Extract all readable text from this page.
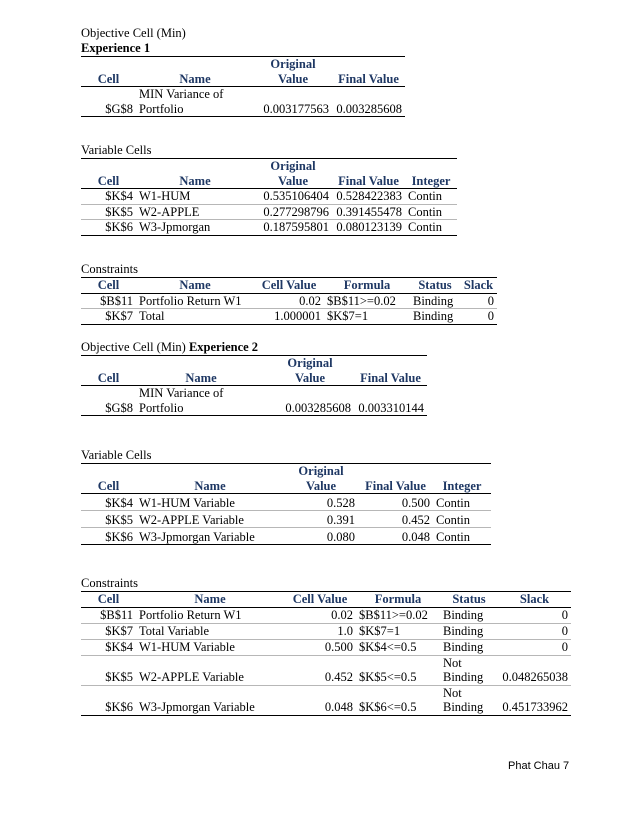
Objective Cell (Min)
Experience 1
Cell	Name	Original
Value	Final Value
$G$8	MIN Variance of
Portfolio	0.003177563	0.003285608
Variable Cells
Cell	Name	Original
Value	Final Value	Integer
$K$4	W1-HUM	0.535106404	0.528422383	Contin
$K$5	W2-APPLE	0.277298796	0.391455478	Contin
$K$6	W3-Jpmorgan	0.187595801	0.080123139	Contin
Constraints
Cell	Name	Cell Value	Formula	Status	Slack
$B$11	Portfolio Return W1	0.02	$B$11>=0.02	Binding	0
$K$7	Total	1.000001	$K$7=1	Binding	0
Objective Cell (Min) Experience 2
Cell	Name	Original
Value	Final Value
$G$8	MIN Variance of
Portfolio	0.003285608	0.003310144
Variable Cells
Cell	Name	Original
Value	Final Value	Integer
$K$4	W1-HUM Variable	0.528	0.500	Contin
$K$5	W2-APPLE Variable	0.391	0.452	Contin
$K$6	W3-Jpmorgan Variable	0.080	0.048	Contin
Constraints
Cell	Name	Cell Value	Formula	Status	Slack
$B$11	Portfolio Return W1	0.02	$B$11>=0.02	Binding	0
$K$7	Total Variable	1.0	$K$7=1	Binding	0
$K$4	W1-HUM Variable	0.500	$K$4<=0.5	Binding	0
$K$5	W2-APPLE Variable	0.452	$K$5<=0.5	Not
Binding	0.048265038
$K$6	W3-Jpmorgan Variable	0.048	$K$6<=0.5	Not
Binding	0.451733962
Phat Chau 7
